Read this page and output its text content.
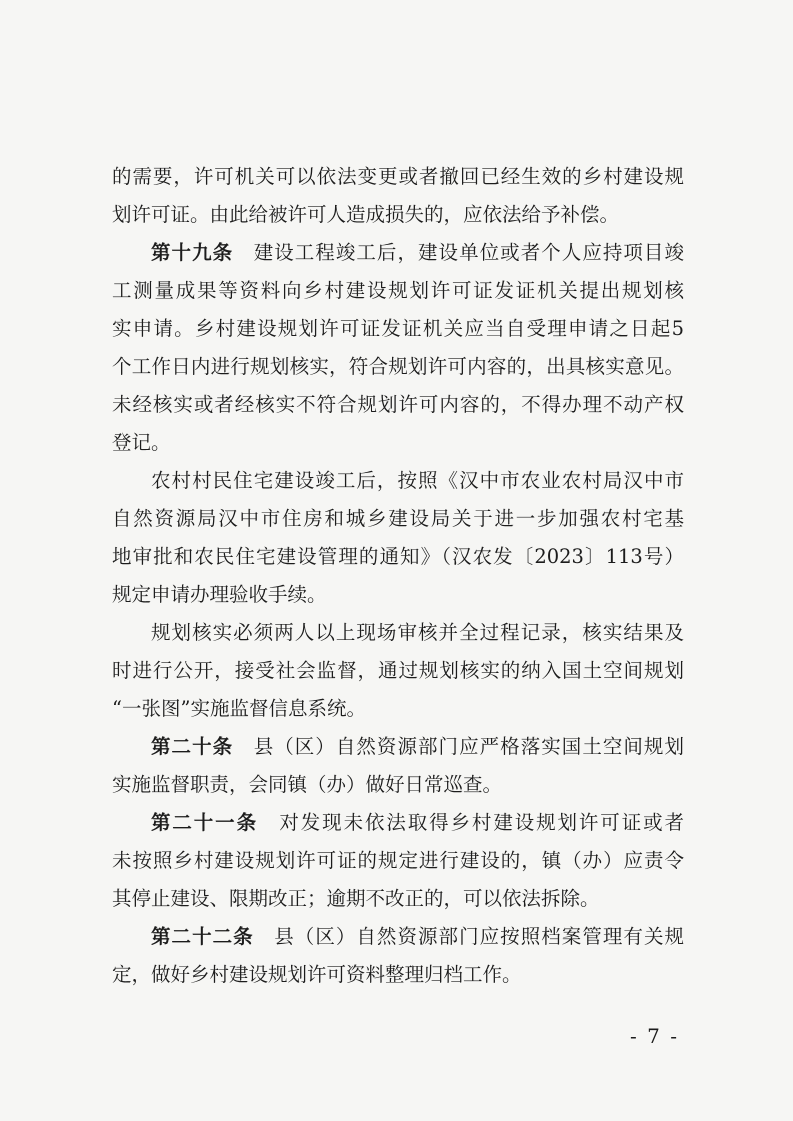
的需要，许可机关可以依法变更或者撤回已经生效的乡村建设规
划许可证。由此给被许可人造成损失的，应依法给予补偿。
第十九条　建设工程竣工后，建设单位或者个人应持项目竣
工测量成果等资料向乡村建设规划许可证发证机关提出规划核
实申请。乡村建设规划许可证发证机关应当自受理申请之日起5
个工作日内进行规划核实，符合规划许可内容的，出具核实意见。
未经核实或者经核实不符合规划许可内容的，不得办理不动产权
登记。
农村村民住宅建设竣工后，按照《汉中市农业农村局汉中市
自然资源局汉中市住房和城乡建设局关于进一步加强农村宅基
地审批和农民住宅建设管理的通知》（汉农发〔2023〕113号）
规定申请办理验收手续。
规划核实必须两人以上现场审核并全过程记录，核实结果及
时进行公开，接受社会监督，通过规划核实的纳入国土空间规划
“一张图”实施监督信息系统。
第二十条　县（区）自然资源部门应严格落实国土空间规划
实施监督职责，会同镇（办）做好日常巡查。
第二十一条　对发现未依法取得乡村建设规划许可证或者
未按照乡村建设规划许可证的规定进行建设的，镇（办）应责令
其停止建设、限期改正；逾期不改正的，可以依法拆除。
第二十二条　县（区）自然资源部门应按照档案管理有关规
定，做好乡村建设规划许可资料整理归档工作。
- 7 -
